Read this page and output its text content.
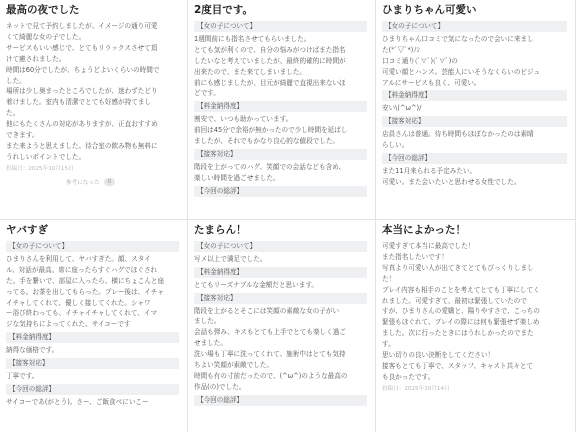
最高の夜でした
ネットで見て予約しましたが、イメージの通り可愛
くて綺麗な女の子でした。
サービスもいい感じで、とてもリラックスさせて頂
けて癒されました。
時間は60分でしたが、ちょうどよいくらいの時間で
した。
場所は少し奥まったところでしたが、迷わずたどり
着けました。室内も清潔でとても好感が持てまし
た。
他にもたくさんの対応がありますが、正直おすすめ
できます。
また来ようと思えました。待合室の飲み物も無料に
うれしいポイントでした。
投稿日：2025年10月15日
参考になった	0
2度目です。
【女の子について】
1週間前にも指名させてもらいました。
とても気が利くので、自分の悩みがつけばまた指名
したいなと考えていましたが、最終的確的に時間が
出来たので、また来てしまいました。
前にも感じましたが、目元が綺麗で直視出来ないほ
どです。
【料金納得度】
割安で、いつも助かっています。
前回は45分で余裕が無かったので少し時間を延ばし
ましたが、それでもかなり良心的な値段でした。
【接客対応】
階段を上がってのハグ、笑顔での会話なども含め、
楽しい時間を過ごせました。
【今回の総評】
ひまりちゃん可愛い
【女の子について】
ひまりちゃん口コミで気になったので会いに来まし
た(*ﾟ▽ﾟ*)ﾉｼ
口コミ通り(ﾟ∀ﾟ)(ﾟ∀ﾟ)の
可愛い顔とハンス。芸能人にいそうなくらいのビジュ
アルにサービスも良く、可愛い。
【料金納得度】
安い\(^ω^)/
【接客対応】
店員さんは普通。待ち時間もほぼなかったのは素晴
らしい。
【今回の総評】
また11月来られる予定みたい。
可愛い。また会いたいと思わせる女性でした。
ヤバすぎ
【女の子について】
ひまりさんを利用して、ヤバすぎた。顔、スタイ
ル、対話が最高。席に座ったらすぐハグでほぐされ
た。手を繋いで、部屋に入ったら、横にちょこんと座
ってる。お茶を出してもらった。プレー後は、イチャ
イチャしてくれて、優しく接してくれた。シャワ
ー浴び終わっても、イチャイチャしてくれて、イマ
ジな気持ちによってくれた。サイコーです
【料金納得度】
納得な価格です。
【接客対応】
丁寧です。
【今回の総評】
サイコーであ(がとう)。さー、ご飯食べにいこー
たまらん！
【女の子について】
写メ以上で満足でした。
【料金納得度】
とてもリーズナブルな金額だと思います。
【接客対応】
階段を上がるとそこには笑顔の素敵な女の子がい
ました。
会話も弾み、キスもとても上手でとても楽しく過ご
せました。
洗い場も丁寧に洗ってくれて、施術中はとても気持
ちよい笑顔が素敵でした。
時間も有の寸前だったので、(^ω^)のような最高の
作品(の)でした。
【今回の総評】
本当によかった！
可愛すぎて本当に最高でした！
また指名したいです！
写真より可愛い人が出てきてとてもびっくりしまし
た！
プレイ内容も相手のことを考えてとても丁寧にしてく
れました。可愛すぎて、最初は緊張していたので
すが、ひまりさんの愛嬌と、陽りやすさで、こっちの
緊張もほぐれて、プレイの際には何も緊張せず楽しめ
ました。次に行ったときにはうれしかったのでまた
す。
思い切りの良い決断をしてください！
接客もとても丁寧で、スタッフ、キャスト共々とて
も良かったです。
投稿日：2025年10月14日
